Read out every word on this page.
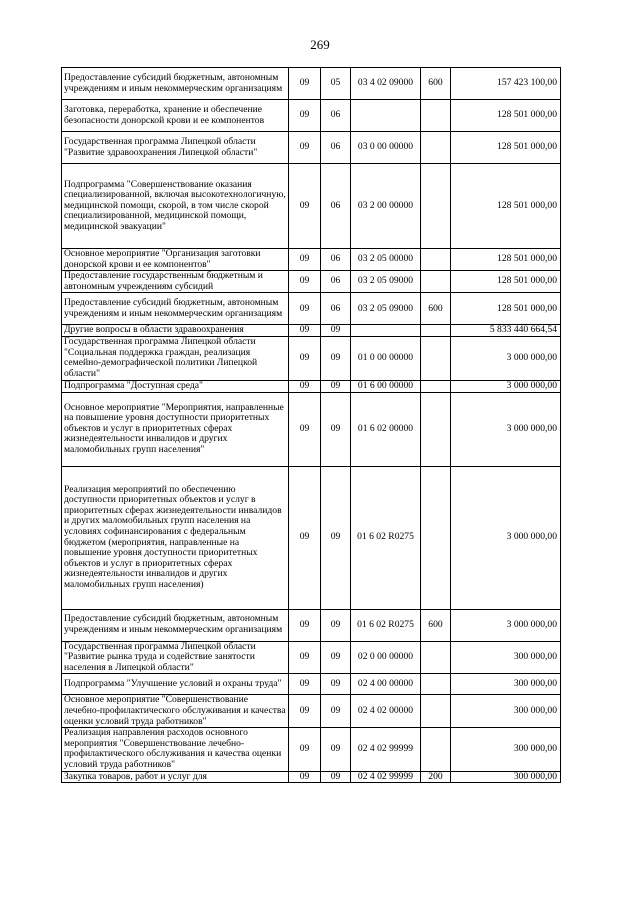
269
Предоставление субсидий бюджетным, автономным учреждениям и иным некоммерческим организациям	09	05	03 4 02 09000	600	157 423 100,00
Заготовка, переработка, хранение и обеспечение безопасности донорской крови и ее компонентов	09	06			128 501 000,00
Государственная программа Липецкой области "Развитие здравоохранения Липецкой области"	09	06	03 0 00 00000		128 501 000,00
Подпрограмма "Совершенствование оказания специализированной, включая высокотехнологичную, медицинской помощи, скорой, в том числе скорой специализированной, медицинской помощи, медицинской эвакуации"	09	06	03 2 00 00000		128 501 000,00
Основное мероприятие "Организация заготовки донорской крови и ее компонентов"	09	06	03 2 05 00000		128 501 000,00
Предоставление государственным бюджетным и автономным учреждениям субсидий	09	06	03 2 05 09000		128 501 000,00
Предоставление субсидий бюджетным, автономным учреждениям и иным некоммерческим организациям	09	06	03 2 05 09000	600	128 501 000,00
Другие вопросы в области здравоохранения	09	09			5 833 440 664,54
Государственная программа Липецкой области "Социальная поддержка граждан, реализация семейно-демографической политики Липецкой области"	09	09	01 0 00 00000		3 000 000,00
Подпрограмма "Доступная среда"	09	09	01 6 00 00000		3 000 000,00
Основное мероприятие "Мероприятия, направленные на повышение уровня доступности приоритетных объектов и услуг в приоритетных сферах жизнедеятельности инвалидов и других маломобильных групп населения"	09	09	01 6 02 00000		3 000 000,00
Реализация мероприятий по обеспечению доступности приоритетных объектов и услуг в приоритетных сферах жизнедеятельности инвалидов и других маломобильных групп населения на условиях софинансирования с федеральным бюджетом (мероприятия, направленные на повышение уровня доступности приоритетных объектов и услуг в приоритетных сферах жизнедеятельности инвалидов и других маломобильных групп населения)	09	09	01 6 02 R0275		3 000 000,00
Предоставление субсидий бюджетным, автономным учреждениям и иным некоммерческим организациям	09	09	01 6 02 R0275	600	3 000 000,00
Государственная программа Липецкой области "Развитие рынка труда и содействие занятости населения в Липецкой области"	09	09	02 0 00 00000		300 000,00
Подпрограмма "Улучшение условий и охраны труда"	09	09	02 4 00 00000		300 000,00
Основное мероприятие "Совершенствование лечебно-профилактического обслуживания и качества оценки условий труда работников"	09	09	02 4 02 00000		300 000,00
Реализация направления расходов основного мероприятия "Совершенствование лечебно-профилактического обслуживания и качества оценки условий труда работников"	09	09	02 4 02 99999		300 000,00
Закупка товаров, работ и услуг для	09	09	02 4 02 99999	200	300 000,00
